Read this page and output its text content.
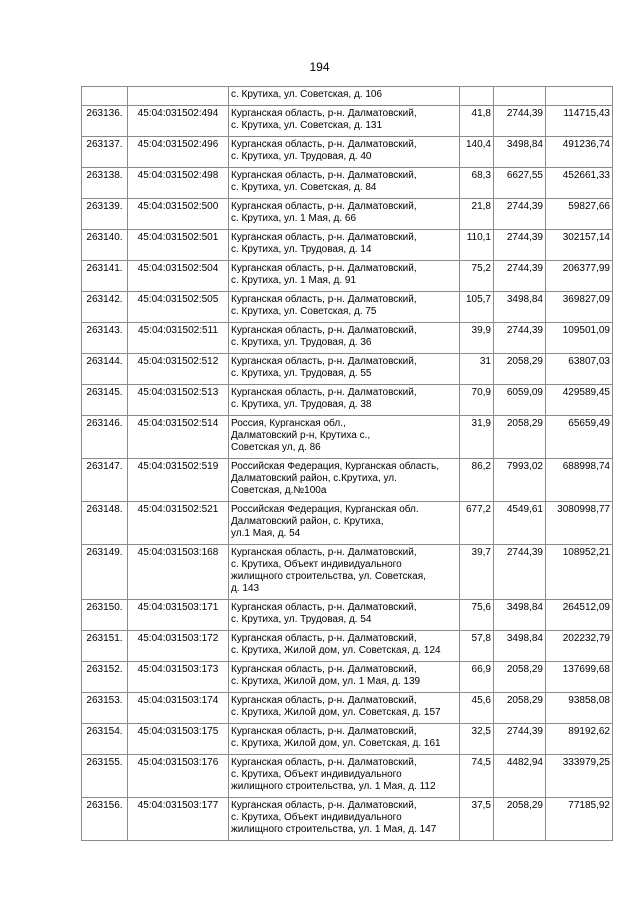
194
		с. Крутиха, ул. Советская, д. 106			
263136.	45:04:031502:494	Курганская область, р-н. Далматовский,
с. Крутиха, ул. Советская, д. 131	41,8	2744,39	114715,43
263137.	45:04:031502:496	Курганская область, р-н. Далматовский,
с. Крутиха, ул. Трудовая, д. 40	140,4	3498,84	491236,74
263138.	45:04:031502:498	Курганская область, р-н. Далматовский,
с. Крутиха, ул. Советская, д. 84	68,3	6627,55	452661,33
263139.	45:04:031502:500	Курганская область, р-н. Далматовский,
с. Крутиха, ул. 1 Мая, д. 66	21,8	2744,39	59827,66
263140.	45:04:031502:501	Курганская область, р-н. Далматовский,
с. Крутиха, ул. Трудовая, д. 14	110,1	2744,39	302157,14
263141.	45:04:031502:504	Курганская область, р-н. Далматовский,
с. Крутиха, ул. 1 Мая, д. 91	75,2	2744,39	206377,99
263142.	45:04:031502:505	Курганская область, р-н. Далматовский,
с. Крутиха, ул. Советская, д. 75	105,7	3498,84	369827,09
263143.	45:04:031502:511	Курганская область, р-н. Далматовский,
с. Крутиха, ул. Трудовая, д. 36	39,9	2744,39	109501,09
263144.	45:04:031502:512	Курганская область, р-н. Далматовский,
с. Крутиха, ул. Трудовая, д. 55	31	2058,29	63807,03
263145.	45:04:031502:513	Курганская область, р-н. Далматовский,
с. Крутиха, ул. Трудовая, д. 38	70,9	6059,09	429589,45
263146.	45:04:031502:514	Россия, Курганская обл.,
Далматовский р-н, Крутиха с.,
Советская ул, д. 86	31,9	2058,29	65659,49
263147.	45:04:031502:519	Российская Федерация, Курганская область,
Далматовский район, с.Крутиха, ул.
Советская, д.№100а	86,2	7993,02	688998,74
263148.	45:04:031502:521	Российская Федерация, Курганская обл.
Далматовский район, с. Крутиха,
ул.1 Мая, д. 54	677,2	4549,61	3080998,77
263149.	45:04:031503:168	Курганская область, р-н. Далматовский,
с. Крутиха, Объект индивидуального
жилищного строительства, ул. Советская,
д. 143	39,7	2744,39	108952,21
263150.	45:04:031503:171	Курганская область, р-н. Далматовский,
с. Крутиха, ул. Трудовая, д. 54	75,6	3498,84	264512,09
263151.	45:04:031503:172	Курганская область, р-н. Далматовский,
с. Крутиха, Жилой дом, ул. Советская, д. 124	57,8	3498,84	202232,79
263152.	45:04:031503:173	Курганская область, р-н. Далматовский,
с. Крутиха, Жилой дом, ул. 1 Мая, д. 139	66,9	2058,29	137699,68
263153.	45:04:031503:174	Курганская область, р-н. Далматовский,
с. Крутиха, Жилой дом, ул. Советская, д. 157	45,6	2058,29	93858,08
263154.	45:04:031503:175	Курганская область, р-н. Далматовский,
с. Крутиха, Жилой дом, ул. Советская, д. 161	32,5	2744,39	89192,62
263155.	45:04:031503:176	Курганская область, р-н. Далматовский,
с. Крутиха, Объект индивидуального
жилищного строительства, ул. 1 Мая, д. 112	74,5	4482,94	333979,25
263156.	45:04:031503:177	Курганская область, р-н. Далматовский,
с. Крутиха, Объект индивидуального
жилищного строительства, ул. 1 Мая, д. 147	37,5	2058,29	77185,92
